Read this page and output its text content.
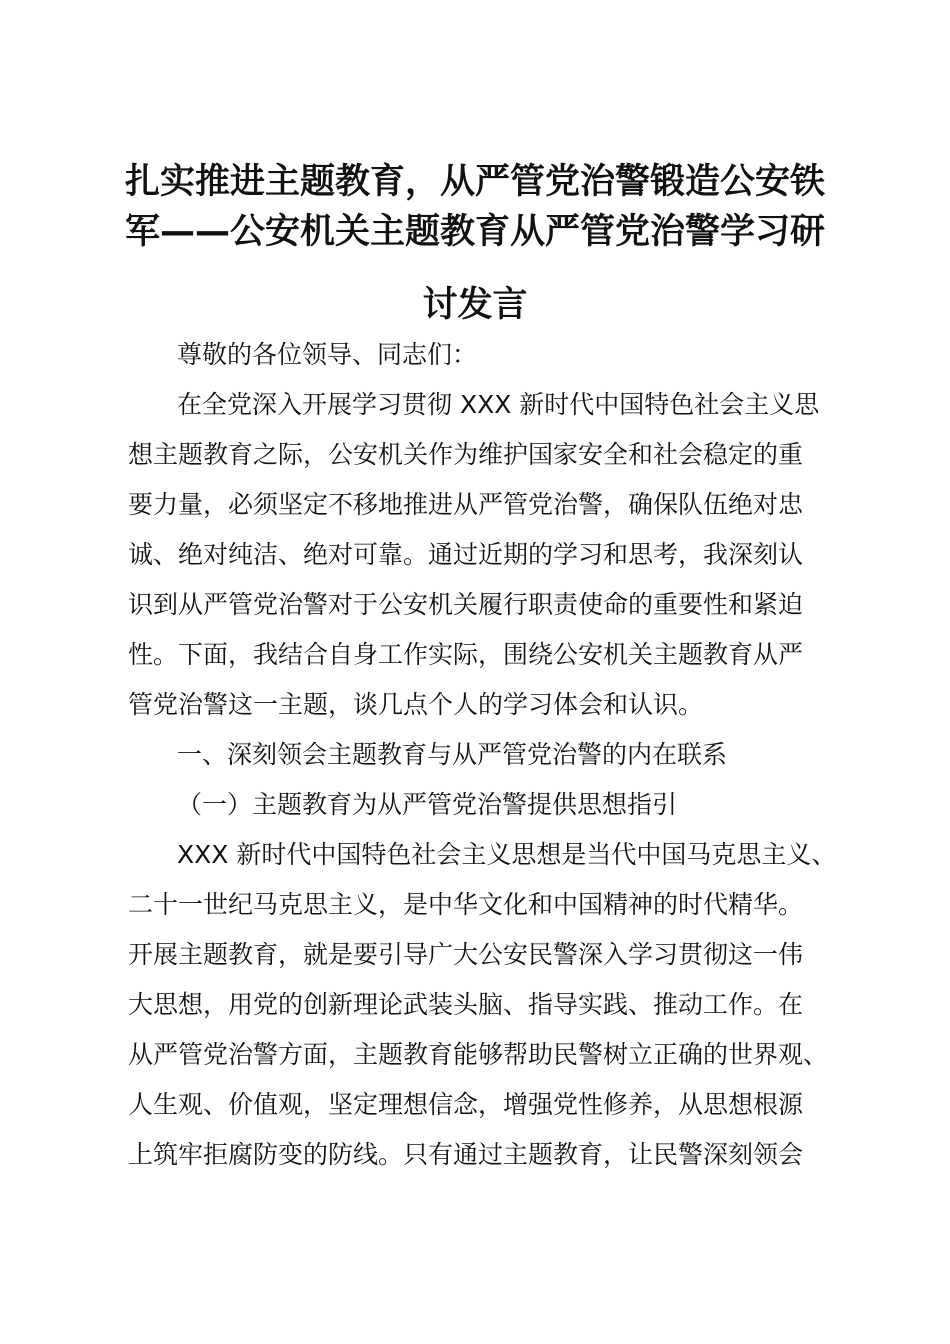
扎实推进主题教育，从严管党治警锻造公安铁
军——公安机关主题教育从严管党治警学习研
讨发言
尊敬的各位领导、同志们：
在全党深入开展学习贯彻 XXX 新时代中国特色社会主义思
想主题教育之际，公安机关作为维护国家安全和社会稳定的重
要力量，必须坚定不移地推进从严管党治警，确保队伍绝对忠
诚、绝对纯洁、绝对可靠。通过近期的学习和思考，我深刻认
识到从严管党治警对于公安机关履行职责使命的重要性和紧迫
性。下面，我结合自身工作实际，围绕公安机关主题教育从严
管党治警这一主题，谈几点个人的学习体会和认识。
一、深刻领会主题教育与从严管党治警的内在联系
（一）主题教育为从严管党治警提供思想指引
XXX 新时代中国特色社会主义思想是当代中国马克思主义、
二十一世纪马克思主义，是中华文化和中国精神的时代精华。
开展主题教育，就是要引导广大公安民警深入学习贯彻这一伟
大思想，用党的创新理论武装头脑、指导实践、推动工作。在
从严管党治警方面，主题教育能够帮助民警树立正确的世界观、
人生观、价值观，坚定理想信念，增强党性修养，从思想根源
上筑牢拒腐防变的防线。只有通过主题教育，让民警深刻领会
